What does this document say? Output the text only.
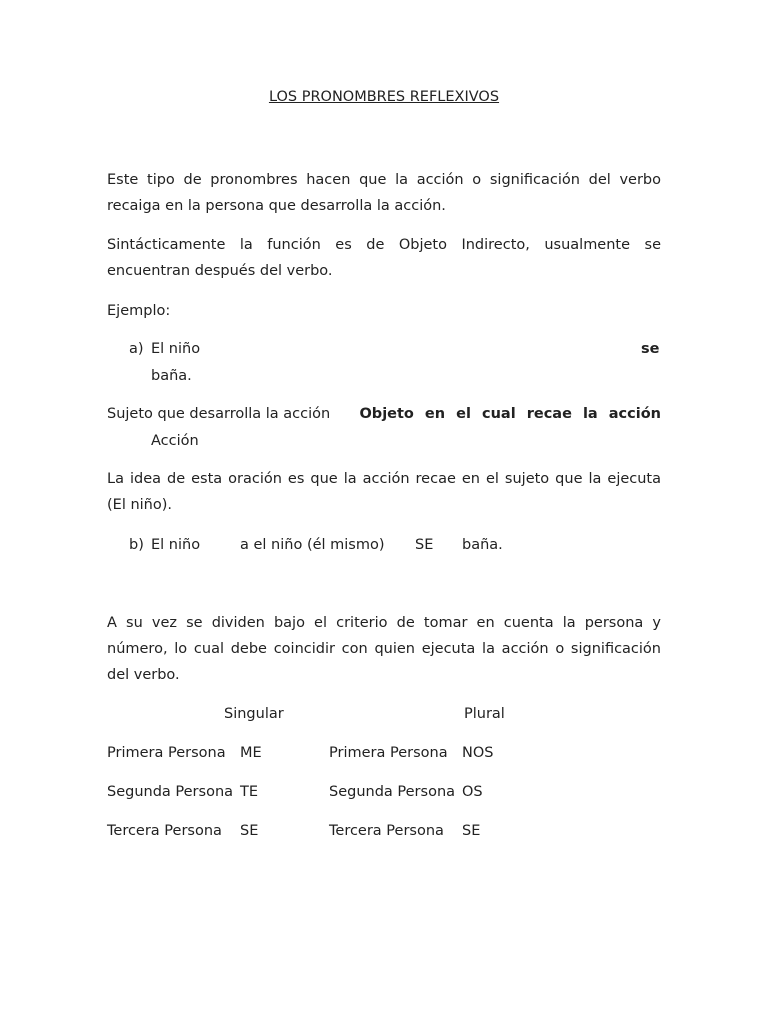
LOS PRONOMBRES REFLEXIVOS
Este tipo de pronombres hacen que la acción o significación del verbo recaiga en la persona que desarrolla la acción.
Sintácticamente la función es de Objeto Indirecto, usualmente se encuentran después del verbo.
Ejemplo:
a) El niño	se
baña.
Sujeto que desarrolla la acción Objeto en el cual recae la acción
Acción
La idea de esta oración es que la acción recae en el sujeto que la ejecuta (El niño).
b) El niño	a el niño (él mismo) SE baña.
A su vez se dividen bajo el criterio de tomar en cuenta la persona y número, lo cual debe coincidir con quien ejecuta la acción o significación del verbo.
Singular	Plural
Primera Persona ME	Primera Persona NOS
Segunda Persona TE	Segunda Persona OS
Tercera Persona SE	Tercera Persona SE
